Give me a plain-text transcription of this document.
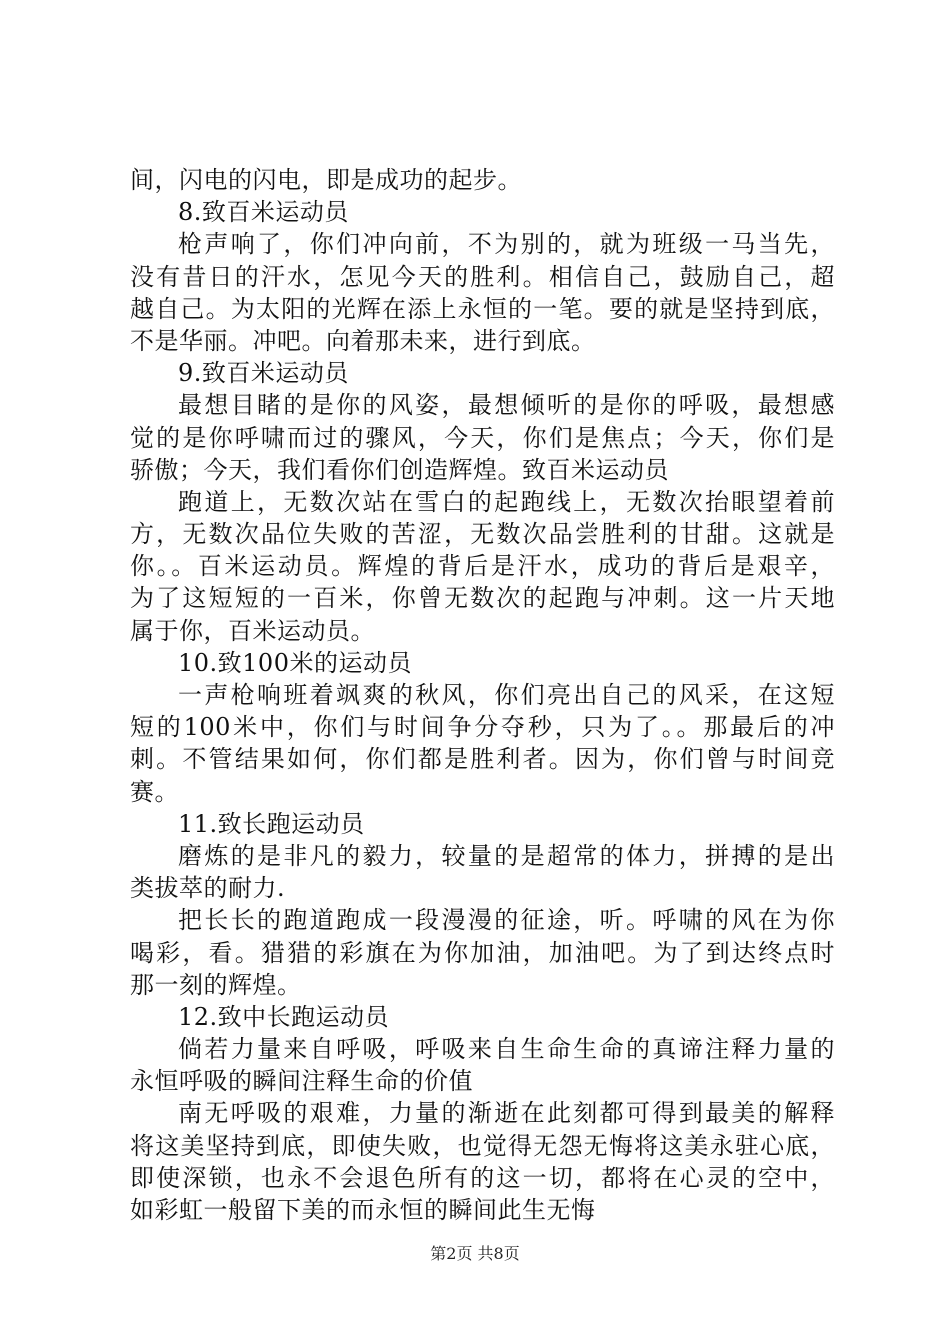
间，闪电的闪电，即是成功的起步。
8.致百米运动员
枪声响了，你们冲向前，不为别的，就为班级一马当先，
没有昔日的汗水，怎见今天的胜利。相信自己，鼓励自己，超
越自己。为太阳的光辉在添上永恒的一笔。要的就是坚持到底，
不是华丽。冲吧。向着那未来，进行到底。
9.致百米运动员
最想目睹的是你的风姿，最想倾听的是你的呼吸，最想感
觉的是你呼啸而过的骤风，今天，你们是焦点；今天，你们是
骄傲；今天，我们看你们创造辉煌。致百米运动员
跑道上，无数次站在雪白的起跑线上，无数次抬眼望着前
方，无数次品位失败的苦涩，无数次品尝胜利的甘甜。这就是
你。。百米运动员。辉煌的背后是汗水，成功的背后是艰辛，
为了这短短的一百米，你曾无数次的起跑与冲刺。这一片天地
属于你，百米运动员。
10.致100米的运动员
一声枪响班着飒爽的秋风，你们亮出自己的风采，在这短
短的100米中，你们与时间争分夺秒，只为了。。那最后的冲
刺。不管结果如何，你们都是胜利者。因为，你们曾与时间竞
赛。
11.致长跑运动员
磨炼的是非凡的毅力，较量的是超常的体力，拼搏的是出
类拔萃的耐力.
把长长的跑道跑成一段漫漫的征途，听。呼啸的风在为你
喝彩，看。猎猎的彩旗在为你加油，加油吧。为了到达终点时
那一刻的辉煌。
12.致中长跑运动员
倘若力量来自呼吸，呼吸来自生命生命的真谛注释力量的
永恒呼吸的瞬间注释生命的价值
南无呼吸的艰难，力量的渐逝在此刻都可得到最美的解释
将这美坚持到底，即使失败，也觉得无怨无悔将这美永驻心底，
即使深锁，也永不会退色所有的这一切，都将在心灵的空中，
如彩虹一般留下美的而永恒的瞬间此生无悔
第2页 共8页
